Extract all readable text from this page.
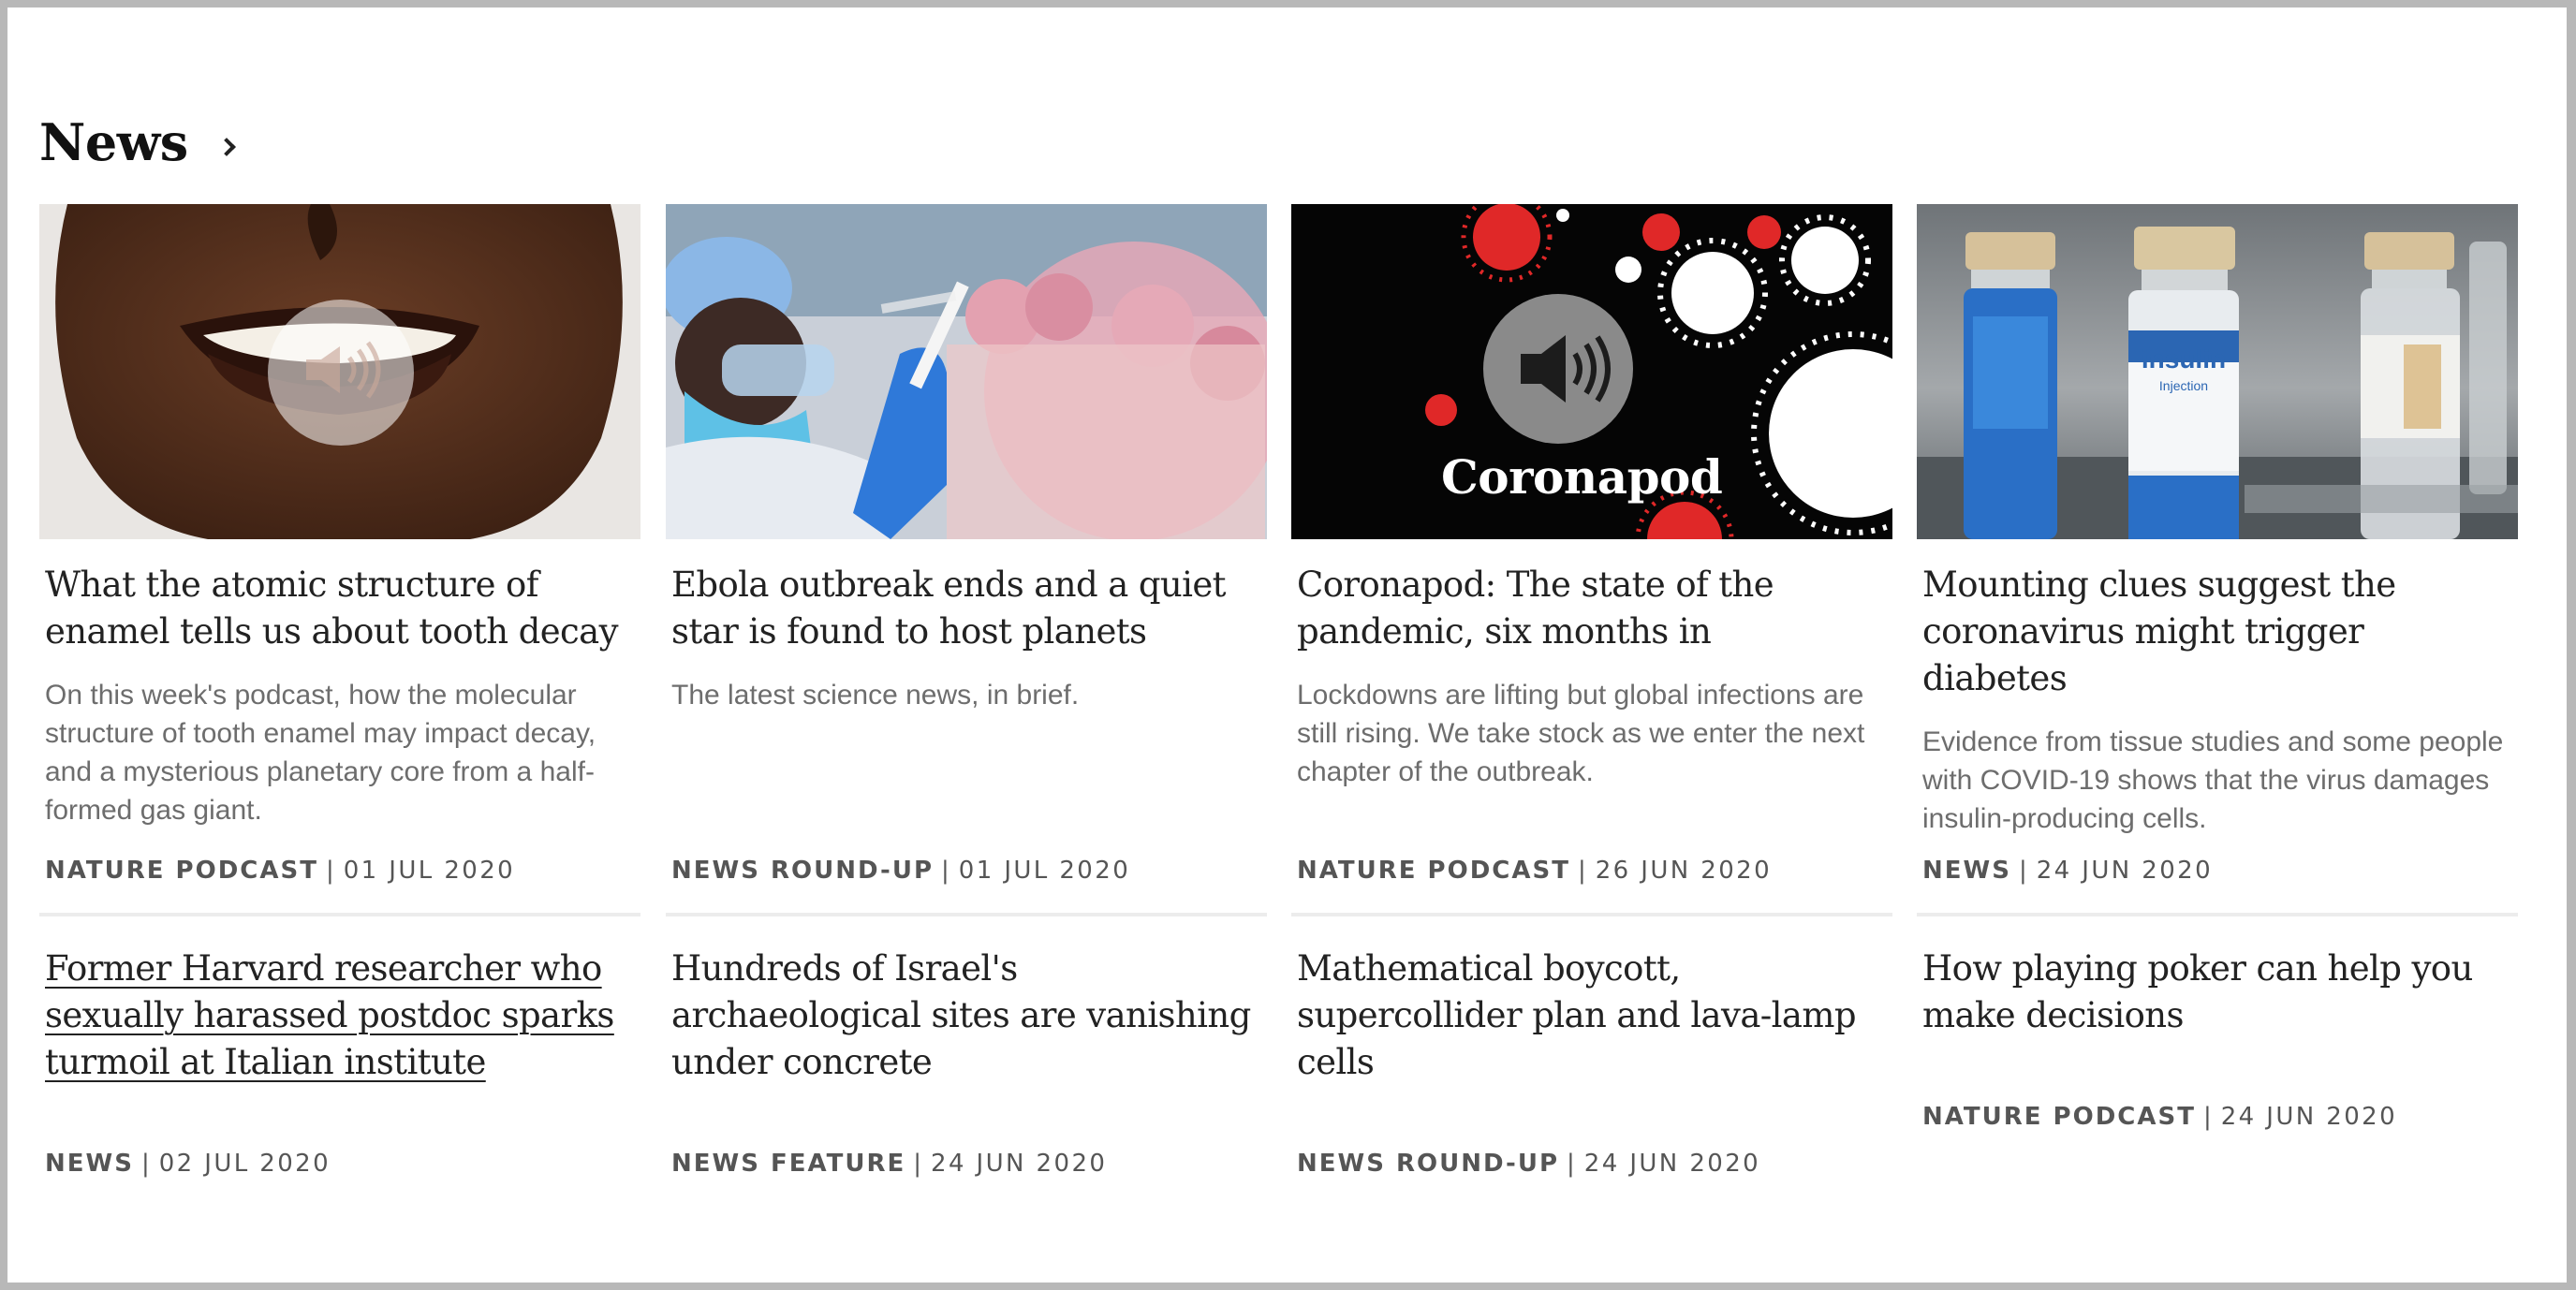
News
What the atomic structure of enamel tells us about tooth decay
On this week's podcast, how the molecular structure of tooth enamel may impact decay, and a mysterious planetary core from a half-formed gas giant.
NATURE PODCAST | 01 JUL 2020
Ebola outbreak ends and a quiet star is found to host planets
The latest science news, in brief.
NEWS ROUND-UP | 01 JUL 2020
Coronapod
Coronapod: The state of the pandemic, six months in
Lockdowns are lifting but global infections are still rising. We take stock as we enter the next chapter of the outbreak.
NATURE PODCAST | 26 JUN 2020
insulin
Injection
Mounting clues suggest the coronavirus might trigger diabetes
Evidence from tissue studies and some people with COVID-19 shows that the virus damages insulin-producing cells.
NEWS | 24 JUN 2020
Former Harvard researcher who sexually harassed postdoc sparks turmoil at Italian institute
NEWS | 02 JUL 2020
Hundreds of Israel's archaeological sites are vanishing under concrete
NEWS FEATURE | 24 JUN 2020
Mathematical boycott, supercollider plan and lava-lamp cells
NEWS ROUND-UP | 24 JUN 2020
How playing poker can help you make decisions
NATURE PODCAST | 24 JUN 2020
